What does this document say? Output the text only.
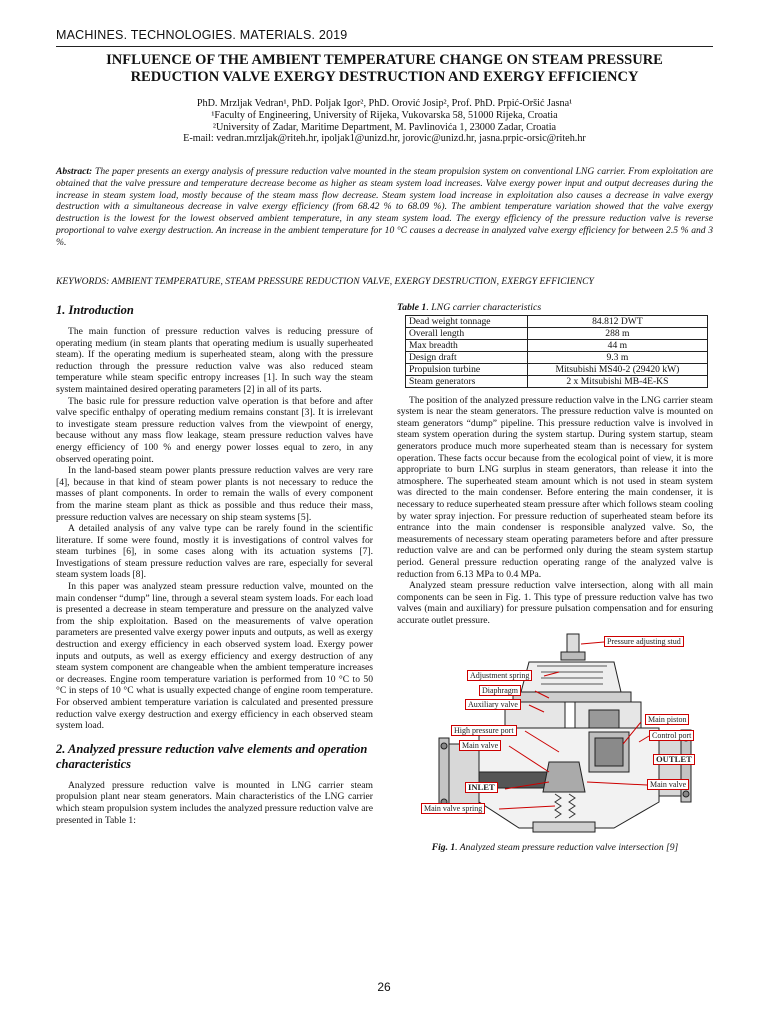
MACHINES. TECHNOLOGIES. MATERIALS. 2019
INFLUENCE OF THE AMBIENT TEMPERATURE CHANGE ON STEAM PRESSURE
REDUCTION VALVE EXERGY DESTRUCTION AND EXERGY EFFICIENCY
PhD. Mrzljak Vedran¹, PhD. Poljak Igor², PhD. Orović Josip², Prof. PhD. Prpić-Oršić Jasna¹
¹Faculty of Engineering, University of Rijeka, Vukovarska 58, 51000 Rijeka, Croatia
²University of Zadar, Maritime Department, M. Pavlinovića 1, 23000 Zadar, Croatia
E-mail: vedran.mrzljak@riteh.hr, ipoljak1@unizd.hr, jorovic@unizd.hr, jasna.prpic-orsic@riteh.hr
Abstract: The paper presents an exergy analysis of pressure reduction valve mounted in the steam propulsion system on conventional LNG carrier. From exploitation are obtained that the valve pressure and temperature decrease become as higher as steam system load increases. Valve exergy power input and output decreases during the increase in steam system load, mostly because of the steam mass flow decrease. Steam system load increase in exploitation also causes a decrease in valve exergy destruction with a simultaneous decrease in valve exergy efficiency (from 68.42 % to 68.09 %). The ambient temperature variation showed that the valve exergy destruction is the lowest for the lowest observed ambient temperature, in any steam system load. The exergy efficiency of the pressure reduction valve is reverse proportional to valve exergy destruction. An increase in the ambient temperature for 10 °C causes a decrease in analyzed valve exergy efficiency for between 2.5 % and 3 %.
KEYWORDS: AMBIENT TEMPERATURE, STEAM PRESSURE REDUCTION VALVE, EXERGY DESTRUCTION, EXERGY EFFICIENCY
1. Introduction

The main function of pressure reduction valves is reducing pressure of operating medium (in steam plants that operating medium is usually superheated steam). If the operating medium is superheated steam, along with the pressure reduction through the pressure reduction valve was also reduced steam temperature while steam specific entropy increases [1]. In such way the steam system maintained desired operating parameters [2] in all of its parts.

The basic rule for pressure reduction valve operation is that before and after valve specific enthalpy of operating medium remains constant [3]. It is irrelevant to investigate steam pressure reduction valves from the viewpoint of energy, because without any mass flow leakage, steam pressure reduction valves have energy efficiency of 100 % and energy power losses equal to zero, in any observed operating point.

In the land-based steam power plants pressure reduction valves are very rare [4], because in that kind of steam power plants is not necessary to reduce the masses of plant components. In order to remain the walls of every component from the marine steam plant as thick as possible and thus reduce their mass, pressure reduction valves are necessary on ship steam systems [5].

A detailed analysis of any valve type can be rarely found in the scientific literature. If some were found, mostly it is investigations of control valves for steam turbines [6], in some cases along with its actuation systems [7]. Investigations of steam pressure reduction valves are rare, especially for several steam system loads [8].

In this paper was analyzed steam pressure reduction valve, mounted on the main condenser “dump” line, through a several steam system loads. For each load is presented a decrease in steam temperature and pressure on the analyzed valve from the ship exploitation. Based on the measurements of valve operation parameters are presented valve exergy power inputs and outputs, as well as exergy destruction and exergy efficiency in each observed system load. Exergy power inputs and outputs, as well as exergy efficiency and exergy destruction of any steam system component are changeable when the ambient temperature increases or decreases. Engine room temperature variation is performed from 10 °C to 50 °C in steps of 10 °C what is usually expected change of engine room temperature. For observed ambient temperature variation is calculated and presented pressure reduction valve exergy destruction and exergy efficiency in each observed steam system load.

2. Analyzed pressure reduction valve elements and operation characteristics

Analyzed pressure reduction valve is mounted in LNG carrier steam propulsion plant near steam generators. Main characteristics of the LNG carrier which steam propulsion system includes the analyzed pressure reduction valve are presented in Table 1:

Table 1. LNG carrier characteristics
Dead weight tonnage	84.812 DWT
Overall length	288 m
Max breadth	44 m
Design draft	9.3 m
Propulsion turbine	Mitsubishi MS40-2 (29420 kW)
Steam generators	2 x Mitsubishi MB-4E-KS

The position of the analyzed pressure reduction valve in the LNG carrier steam system is near the steam generators. The pressure reduction valve is mounted on steam generators “dump” pipeline. This pressure reduction valve is involved in steam system operation during the system startup. During system startup, steam generators produce much more superheated steam than is necessary for system operation. These facts occur because from the ecological point of view, it is more appropriate to burn LNG surplus in steam generators, than release it into the atmosphere. The superheated steam amount which is not used in steam system was directed to the main condenser. Before entering the main condenser, it is necessary to reduce superheated steam pressure after which follows steam cooling by water spray injection. For pressure reduction of superheated steam before its entrance into the main condenser is responsible analyzed valve. So, the measurements of necessary steam operating parameters before and after pressure reduction valve are and can be performed only during the steam system startup period. General pressure reduction operating range of the analyzed valve is reduction from 6.13 MPa to 0.4 MPa.

Analyzed steam pressure reduction valve intersection, along with all main components can be seen in Fig. 1. This type of pressure reduction valve has two valves (main and auxiliary) for pressure pulsation compensation and for ensuring accurate outlet pressure.

Pressure adjusting stud
Adjustment spring
Diaphragm
Auxiliary valve
Main piston
High pressure port
Control port
Main valve
OUTLET
INLET	Main valve
Main valve spring
Fig. 1. Analyzed steam pressure reduction valve intersection [9]
26
